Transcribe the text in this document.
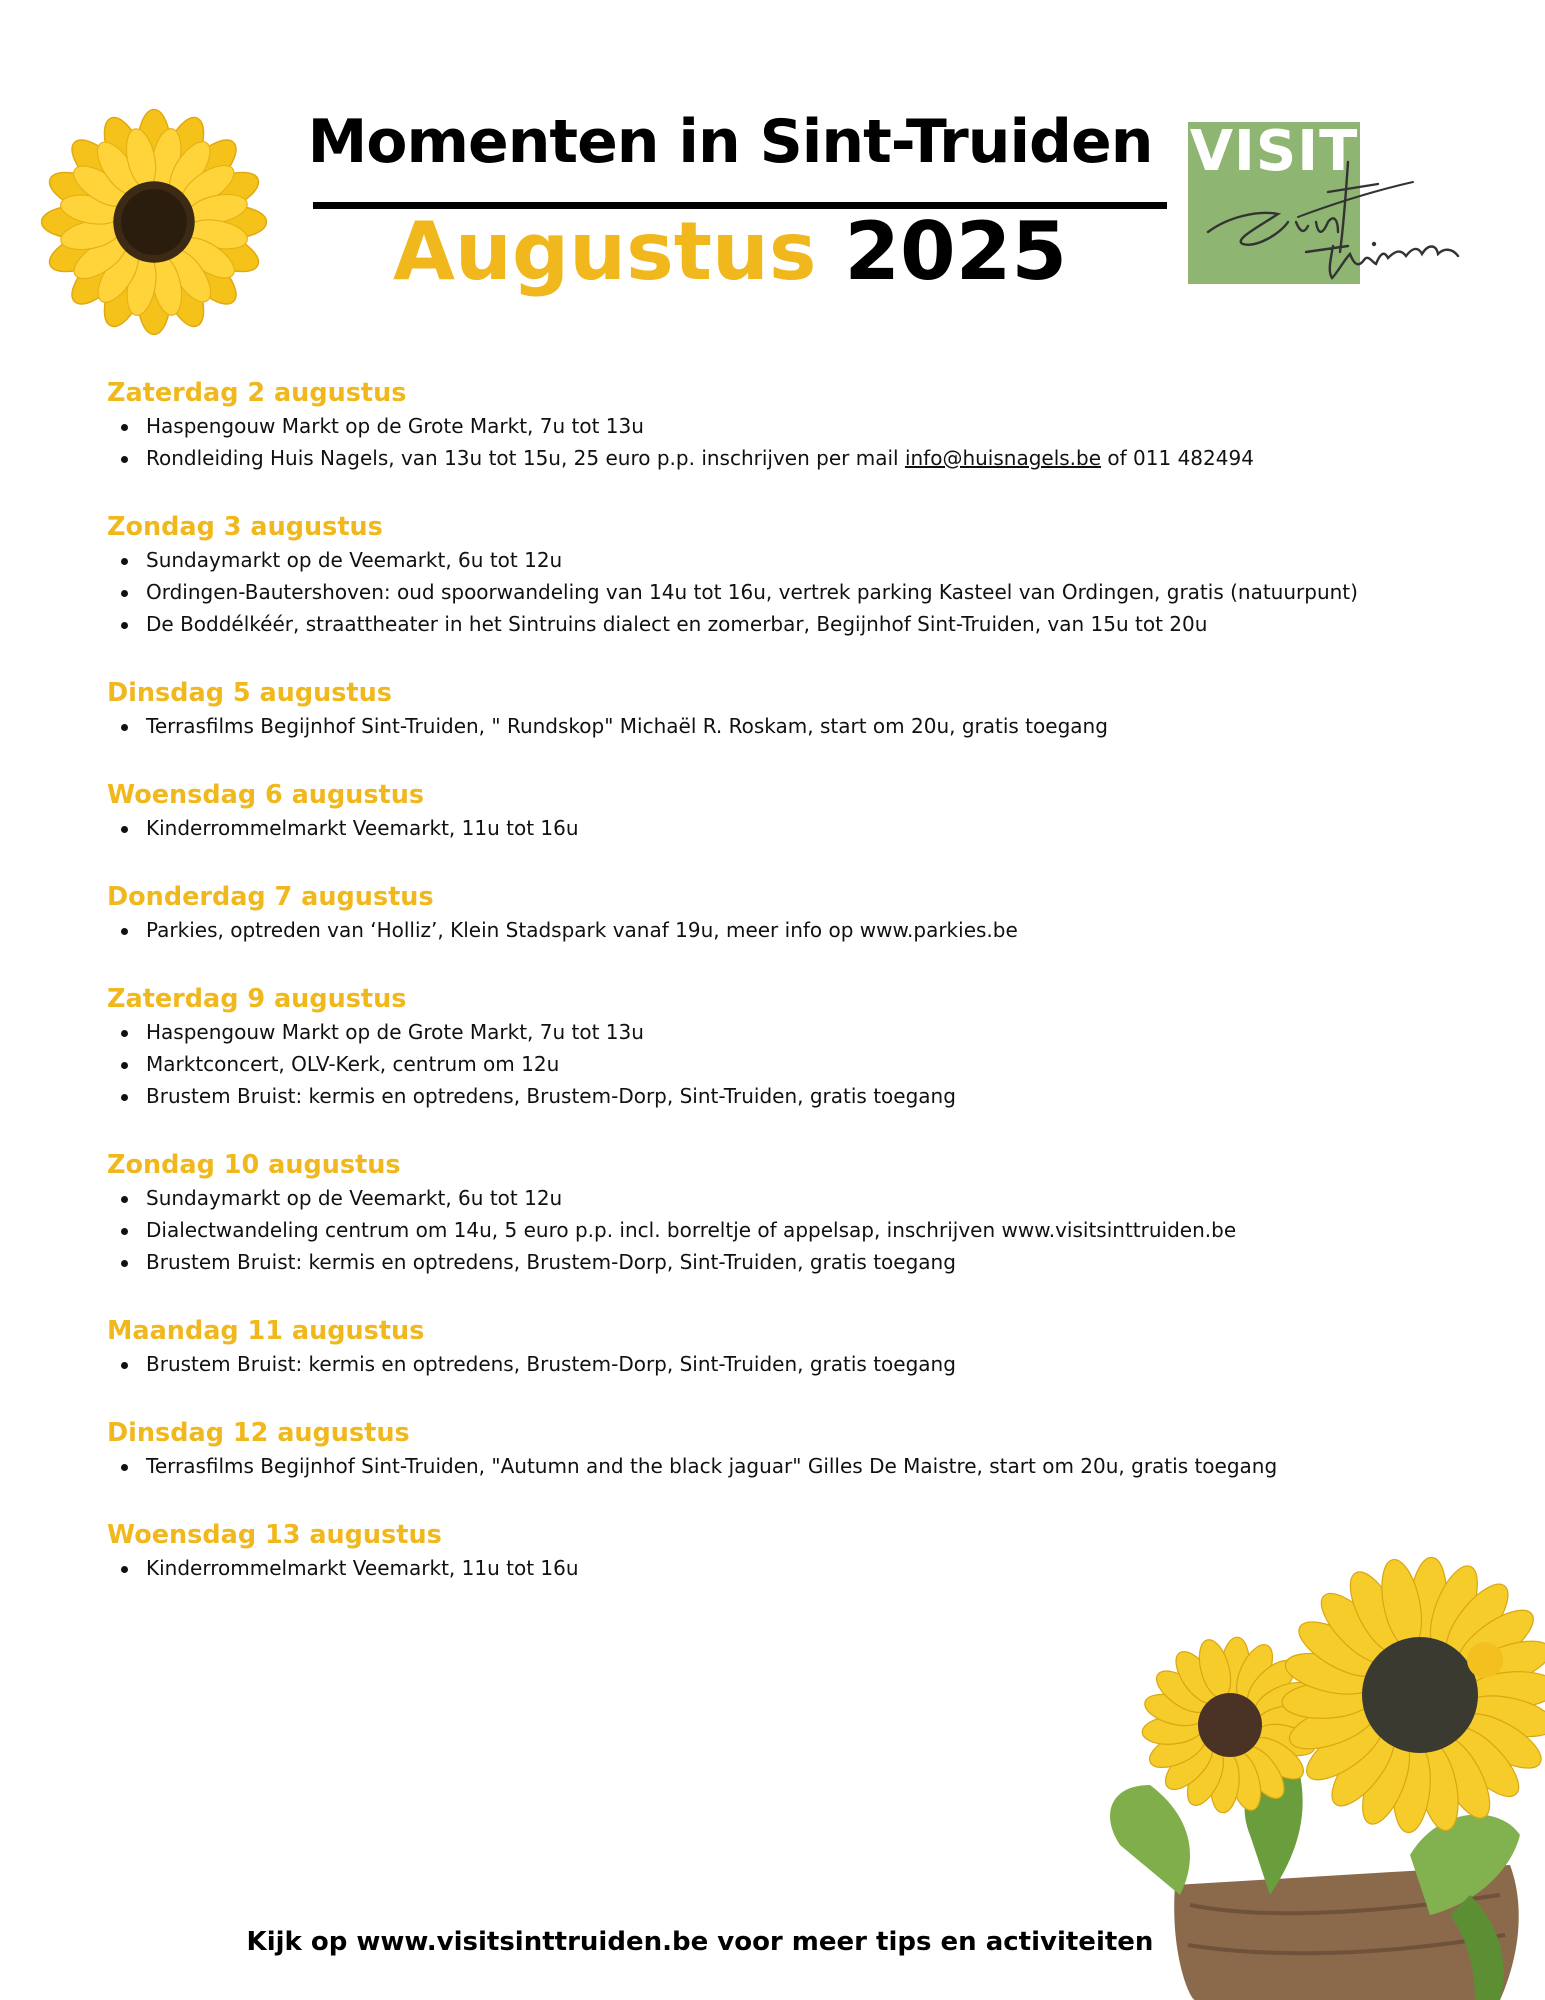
Momenten in Sint-Truiden
Augustus 2025
VISIT
Zaterdag 2 augustus
Haspengouw Markt op de Grote Markt, 7u tot 13u
Rondleiding Huis Nagels, van 13u tot 15u, 25 euro p.p. inschrijven per mail info@huisnagels.be of 011 482494
Zondag 3 augustus
Sundaymarkt op de Veemarkt, 6u tot 12u
Ordingen-Bautershoven: oud spoorwandeling van 14u tot 16u, vertrek parking Kasteel van Ordingen, gratis (natuurpunt)
De Boddélkéér, straattheater in het Sintruins dialect en zomerbar, Begijnhof Sint-Truiden, van 15u tot 20u
Dinsdag 5 augustus
Terrasfilms Begijnhof Sint-Truiden, " Rundskop" Michaël R. Roskam, start om 20u, gratis toegang
Woensdag 6 augustus
Kinderrommelmarkt Veemarkt, 11u tot 16u
Donderdag 7 augustus
Parkies, optreden van ‘Holliz’, Klein Stadspark vanaf 19u, meer info op www.parkies.be
Zaterdag 9 augustus
Haspengouw Markt op de Grote Markt, 7u tot 13u
Marktconcert, OLV-Kerk, centrum om 12u
Brustem Bruist: kermis en optredens, Brustem-Dorp, Sint-Truiden, gratis toegang
Zondag 10 augustus
Sundaymarkt op de Veemarkt, 6u tot 12u
Dialectwandeling centrum om 14u, 5 euro p.p. incl. borreltje of appelsap, inschrijven www.visitsinttruiden.be
Brustem Bruist: kermis en optredens, Brustem-Dorp, Sint-Truiden, gratis toegang
Maandag 11 augustus
Brustem Bruist: kermis en optredens, Brustem-Dorp, Sint-Truiden, gratis toegang
Dinsdag 12 augustus
Terrasfilms Begijnhof Sint-Truiden, "Autumn and the black jaguar" Gilles De Maistre, start om 20u, gratis toegang
Woensdag 13 augustus
Kinderrommelmarkt Veemarkt, 11u tot 16u
Kijk op www.visitsinttruiden.be voor meer tips en activiteiten
